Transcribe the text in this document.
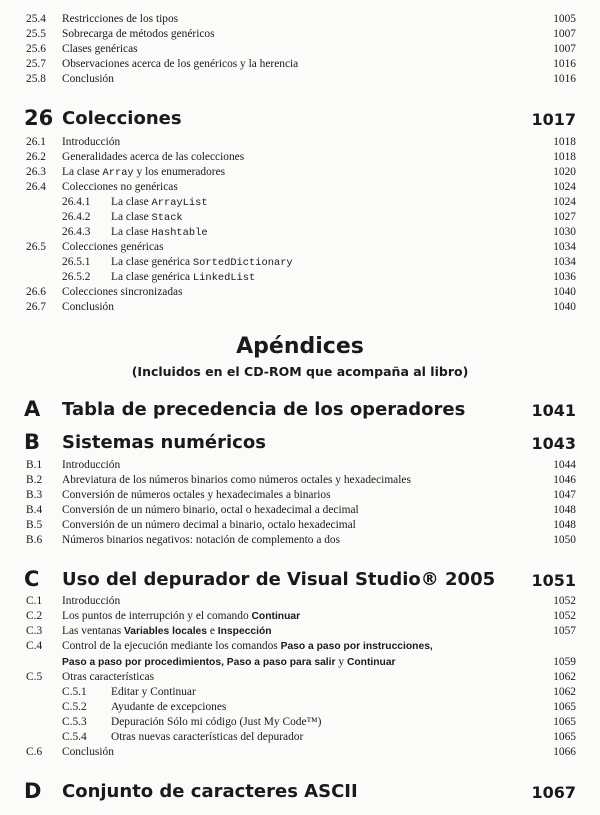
25.4 Restricciones de los tipos	1005
25.5 Sobrecarga de métodos genéricos	1007
25.6 Clases genéricas	1007
25.7 Observaciones acerca de los genéricos y la herencia	1016
25.8 Conclusión	1016
26 Colecciones	1017
26.1 Introducción	1018
26.2 Generalidades acerca de las colecciones	1018
26.3 La clase Array y los enumeradores	1020
26.4 Colecciones no genéricas	1024
26.4.1 La clase ArrayList	1024
26.4.2 La clase Stack	1027
26.4.3 La clase Hashtable	1030
26.5 Colecciones genéricas	1034
26.5.1 La clase genérica SortedDictionary	1034
26.5.2 La clase genérica LinkedList	1036
26.6 Colecciones sincronizadas	1040
26.7 Conclusión	1040
Apéndices
(Incluidos en el CD-ROM que acompaña al libro)
A Tabla de precedencia de los operadores	1041
B Sistemas numéricos	1043
B.1 Introducción	1044
B.2 Abreviatura de los números binarios como números octales y hexadecimales	1046
B.3 Conversión de números octales y hexadecimales a binarios	1047
B.4 Conversión de un número binario, octal o hexadecimal a decimal	1048
B.5 Conversión de un número decimal a binario, octalo hexadecimal	1048
B.6 Números binarios negativos: notación de complemento a dos	1050
C Uso del depurador de Visual Studio® 2005 1051
C.1 Introducción	1052
C.2 Los puntos de interrupción y el comando Continuar	1052
C.3 Las ventanas Variables locales e Inspección	1057
C.4 Control de la ejecución mediante los comandos Paso a paso por instrucciones,
Paso a paso por procedimientos, Paso a paso para salir y Continuar	1059
C.5 Otras características	1062
C.5.1 Editar y Continuar	1062
C.5.2 Ayudante de excepciones	1065
C.5.3 Depuración Sólo mi código (Just My Code™)	1065
C.5.4 Otras nuevas características del depurador	1065
C.6 Conclusión	1066
D Conjunto de caracteres ASCII	1067
